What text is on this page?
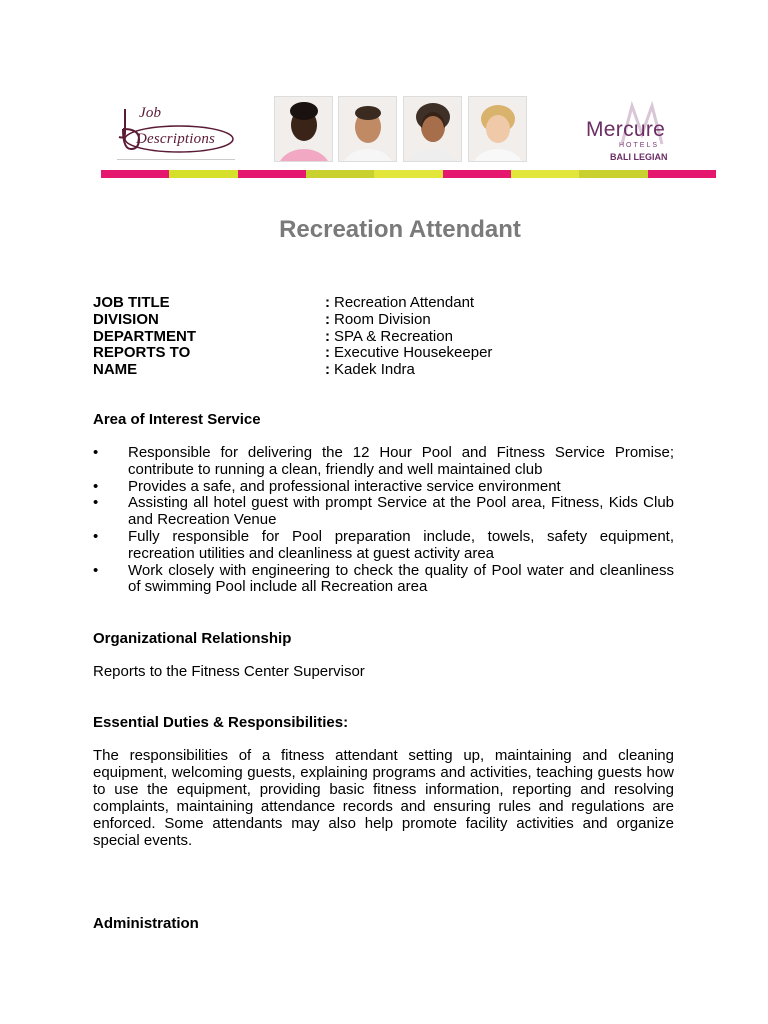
Job
Descriptions	Mercure
HOTELS
BALI LEGIAN
Recreation Attendant
JOB TITLE	: Recreation Attendant
DIVISION	: Room Division
DEPARTMENT	: SPA & Recreation
REPORTS TO	: Executive Housekeeper
NAME	: Kadek Indra
Area of Interest Service
• Responsible for delivering the 12 Hour Pool and Fitness Service Promise; contribute to running a clean, friendly and well maintained club
• Provides a safe, and professional interactive service environment
• Assisting all hotel guest with prompt Service at the Pool area, Fitness, Kids Club and Recreation Venue
• Fully responsible for Pool preparation include, towels, safety equipment, recreation utilities and cleanliness at guest activity area
• Work closely with engineering to check the quality of Pool water and cleanliness of swimming Pool include all Recreation area
Organizational Relationship
Reports to the Fitness Center Supervisor
Essential Duties & Responsibilities:
The responsibilities of a fitness attendant setting up, maintaining and cleaning equipment, welcoming guests, explaining programs and activities, teaching guests how to use the equipment, providing basic fitness information, reporting and resolving complaints, maintaining attendance records and ensuring rules and regulations are enforced. Some attendants may also help promote facility activities and organize special events.
Administration
